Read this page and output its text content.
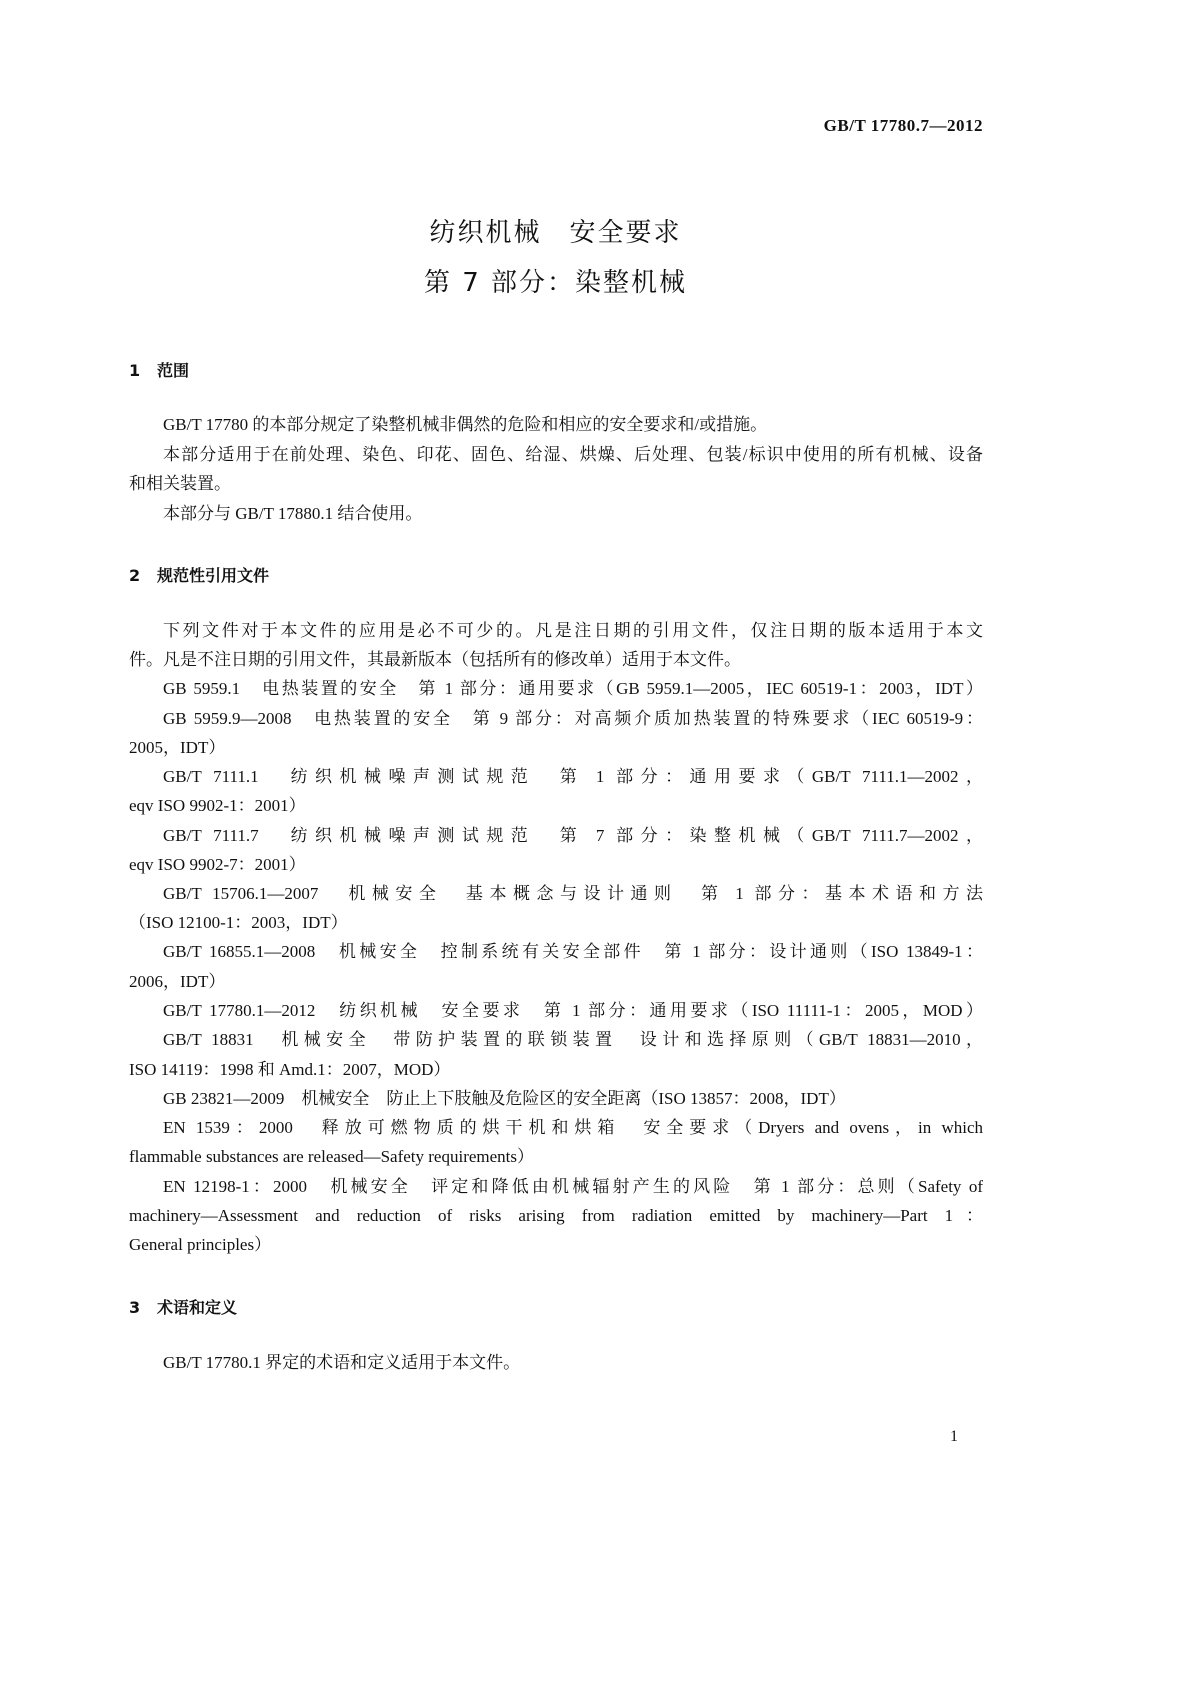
GB/T 17780.7—2012
纺织机械　安全要求
第 7 部分：染整机械
1 范围
GB/T 17780 的本部分规定了染整机械非偶然的危险和相应的安全要求和/或措施。
本部分适用于在前处理、染色、印花、固色、给湿、烘燥、后处理、包装/标识中使用的所有机械、设备
和相关装置。
本部分与 GB/T 17880.1 结合使用。
2 规范性引用文件
下列文件对于本文件的应用是必不可少的。凡是注日期的引用文件，仅注日期的版本适用于本文
件。凡是不注日期的引用文件，其最新版本（包括所有的修改单）适用于本文件。
GB 5959.1　电热装置的安全　第 1 部分：通用要求（GB 5959.1—2005，IEC 60519-1：2003，IDT）
GB 5959.9—2008　电热装置的安全　第 9 部分：对高频介质加热装置的特殊要求（IEC 60519-9：
2005，IDT）
GB/T 7111.1　纺织机械噪声测试规范　第 1 部分：通用要求（GB/T 7111.1—2002，
eqv ISO 9902-1：2001）
GB/T 7111.7　纺织机械噪声测试规范　第 7 部分：染整机械（GB/T 7111.7—2002，
eqv ISO 9902-7：2001）
GB/T 15706.1—2007　机械安全　基本概念与设计通则　第 1 部分：基本术语和方法
（ISO 12100-1：2003，IDT）
GB/T 16855.1—2008　机械安全　控制系统有关安全部件　第 1 部分：设计通则（ISO 13849-1：
2006，IDT）
GB/T 17780.1—2012　纺织机械　安全要求　第 1 部分：通用要求（ISO 11111-1：2005，MOD）
GB/T 18831　机械安全　带防护装置的联锁装置　设计和选择原则（GB/T 18831—2010，
ISO 14119：1998 和 Amd.1：2007，MOD）
GB 23821—2009　机械安全　防止上下肢触及危险区的安全距离（ISO 13857：2008，IDT）
EN 1539：2000　释放可燃物质的烘干机和烘箱　安全要求（Dryers and ovens，in which
flammable substances are released—Safety requirements）
EN 12198-1：2000　机械安全　评定和降低由机械辐射产生的风险　第 1 部分：总则（Safety of
machinery—Assessment and reduction of risks arising from radiation emitted by machinery—Part 1：
General principles）
3 术语和定义
GB/T 17780.1 界定的术语和定义适用于本文件。
1
